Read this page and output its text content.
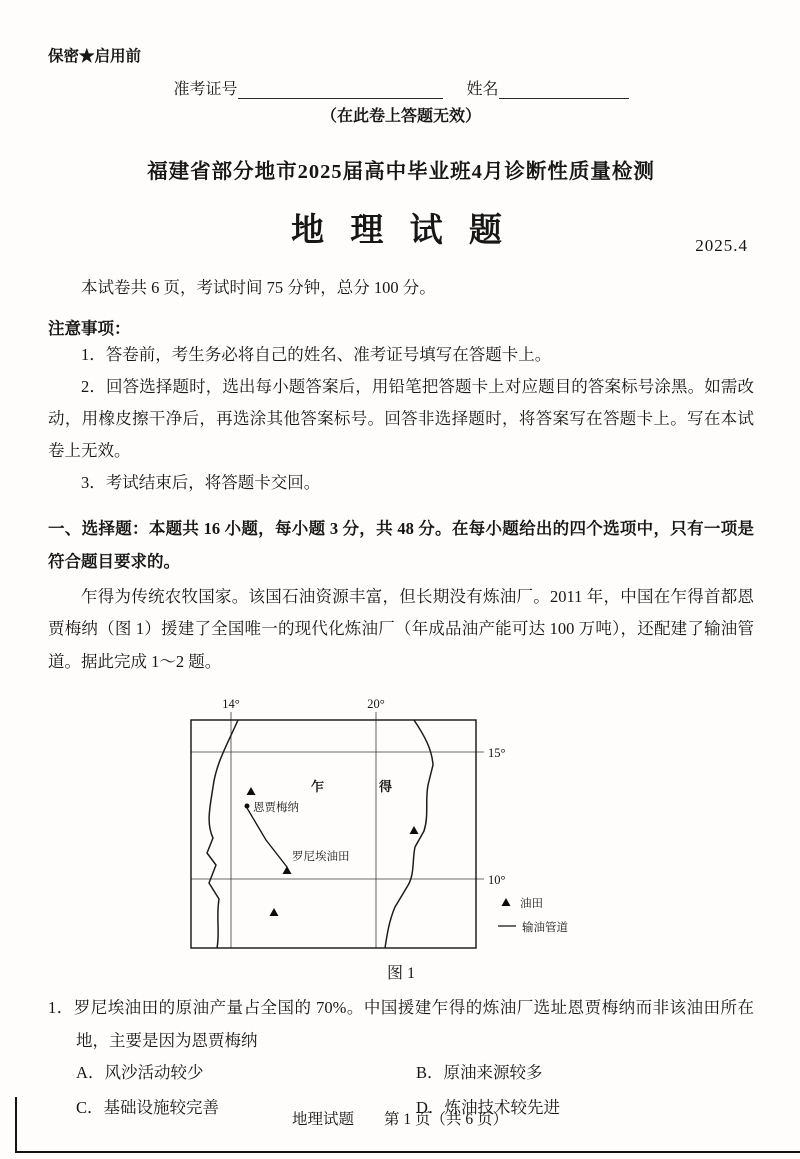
保密★启用前
准考证号	姓名
（在此卷上答题无效）
福建省部分地市2025届高中毕业班4月诊断性质量检测
地 理 试 题	2025.4

本试卷共 6 页，考试时间 75 分钟，总分 100 分。

注意事项：

1．答卷前，考生务必将自己的姓名、准考证号填写在答题卡上。

2．回答选择题时，选出每小题答案后，用铅笔把答题卡上对应题目的答案标号涂黑。如需改动，用橡皮擦干净后，再选涂其他答案标号。回答非选择题时，将答案写在答题卡上。写在本试卷上无效。

3．考试结束后，将答题卡交回。

一、选择题：本题共 16 小题，每小题 3 分，共 48 分。在每小题给出的四个选项中，只有一项是符合题目要求的。

乍得为传统农牧国家。该国石油资源丰富，但长期没有炼油厂。2011 年，中国在乍得首都恩贾梅纳（图 1）援建了全国唯一的现代化炼油厂（年成品油产能可达 100 万吨），还配建了输油管道。据此完成 1～2 题。

14°	20°
15°
10°
乍	得
恩贾梅纳
罗尼埃油田
油田
输油管道
图 1
1．罗尼埃油田的原油产量占全国的 70%。中国援建乍得的炼油厂选址恩贾梅纳而非该油田所在地，主要是因为恩贾梅纳
A．风沙活动较少	B．原油来源较多
C．基础设施较完善	D．炼油技术较先进
地理试题 第 1 页（共 6 页）
